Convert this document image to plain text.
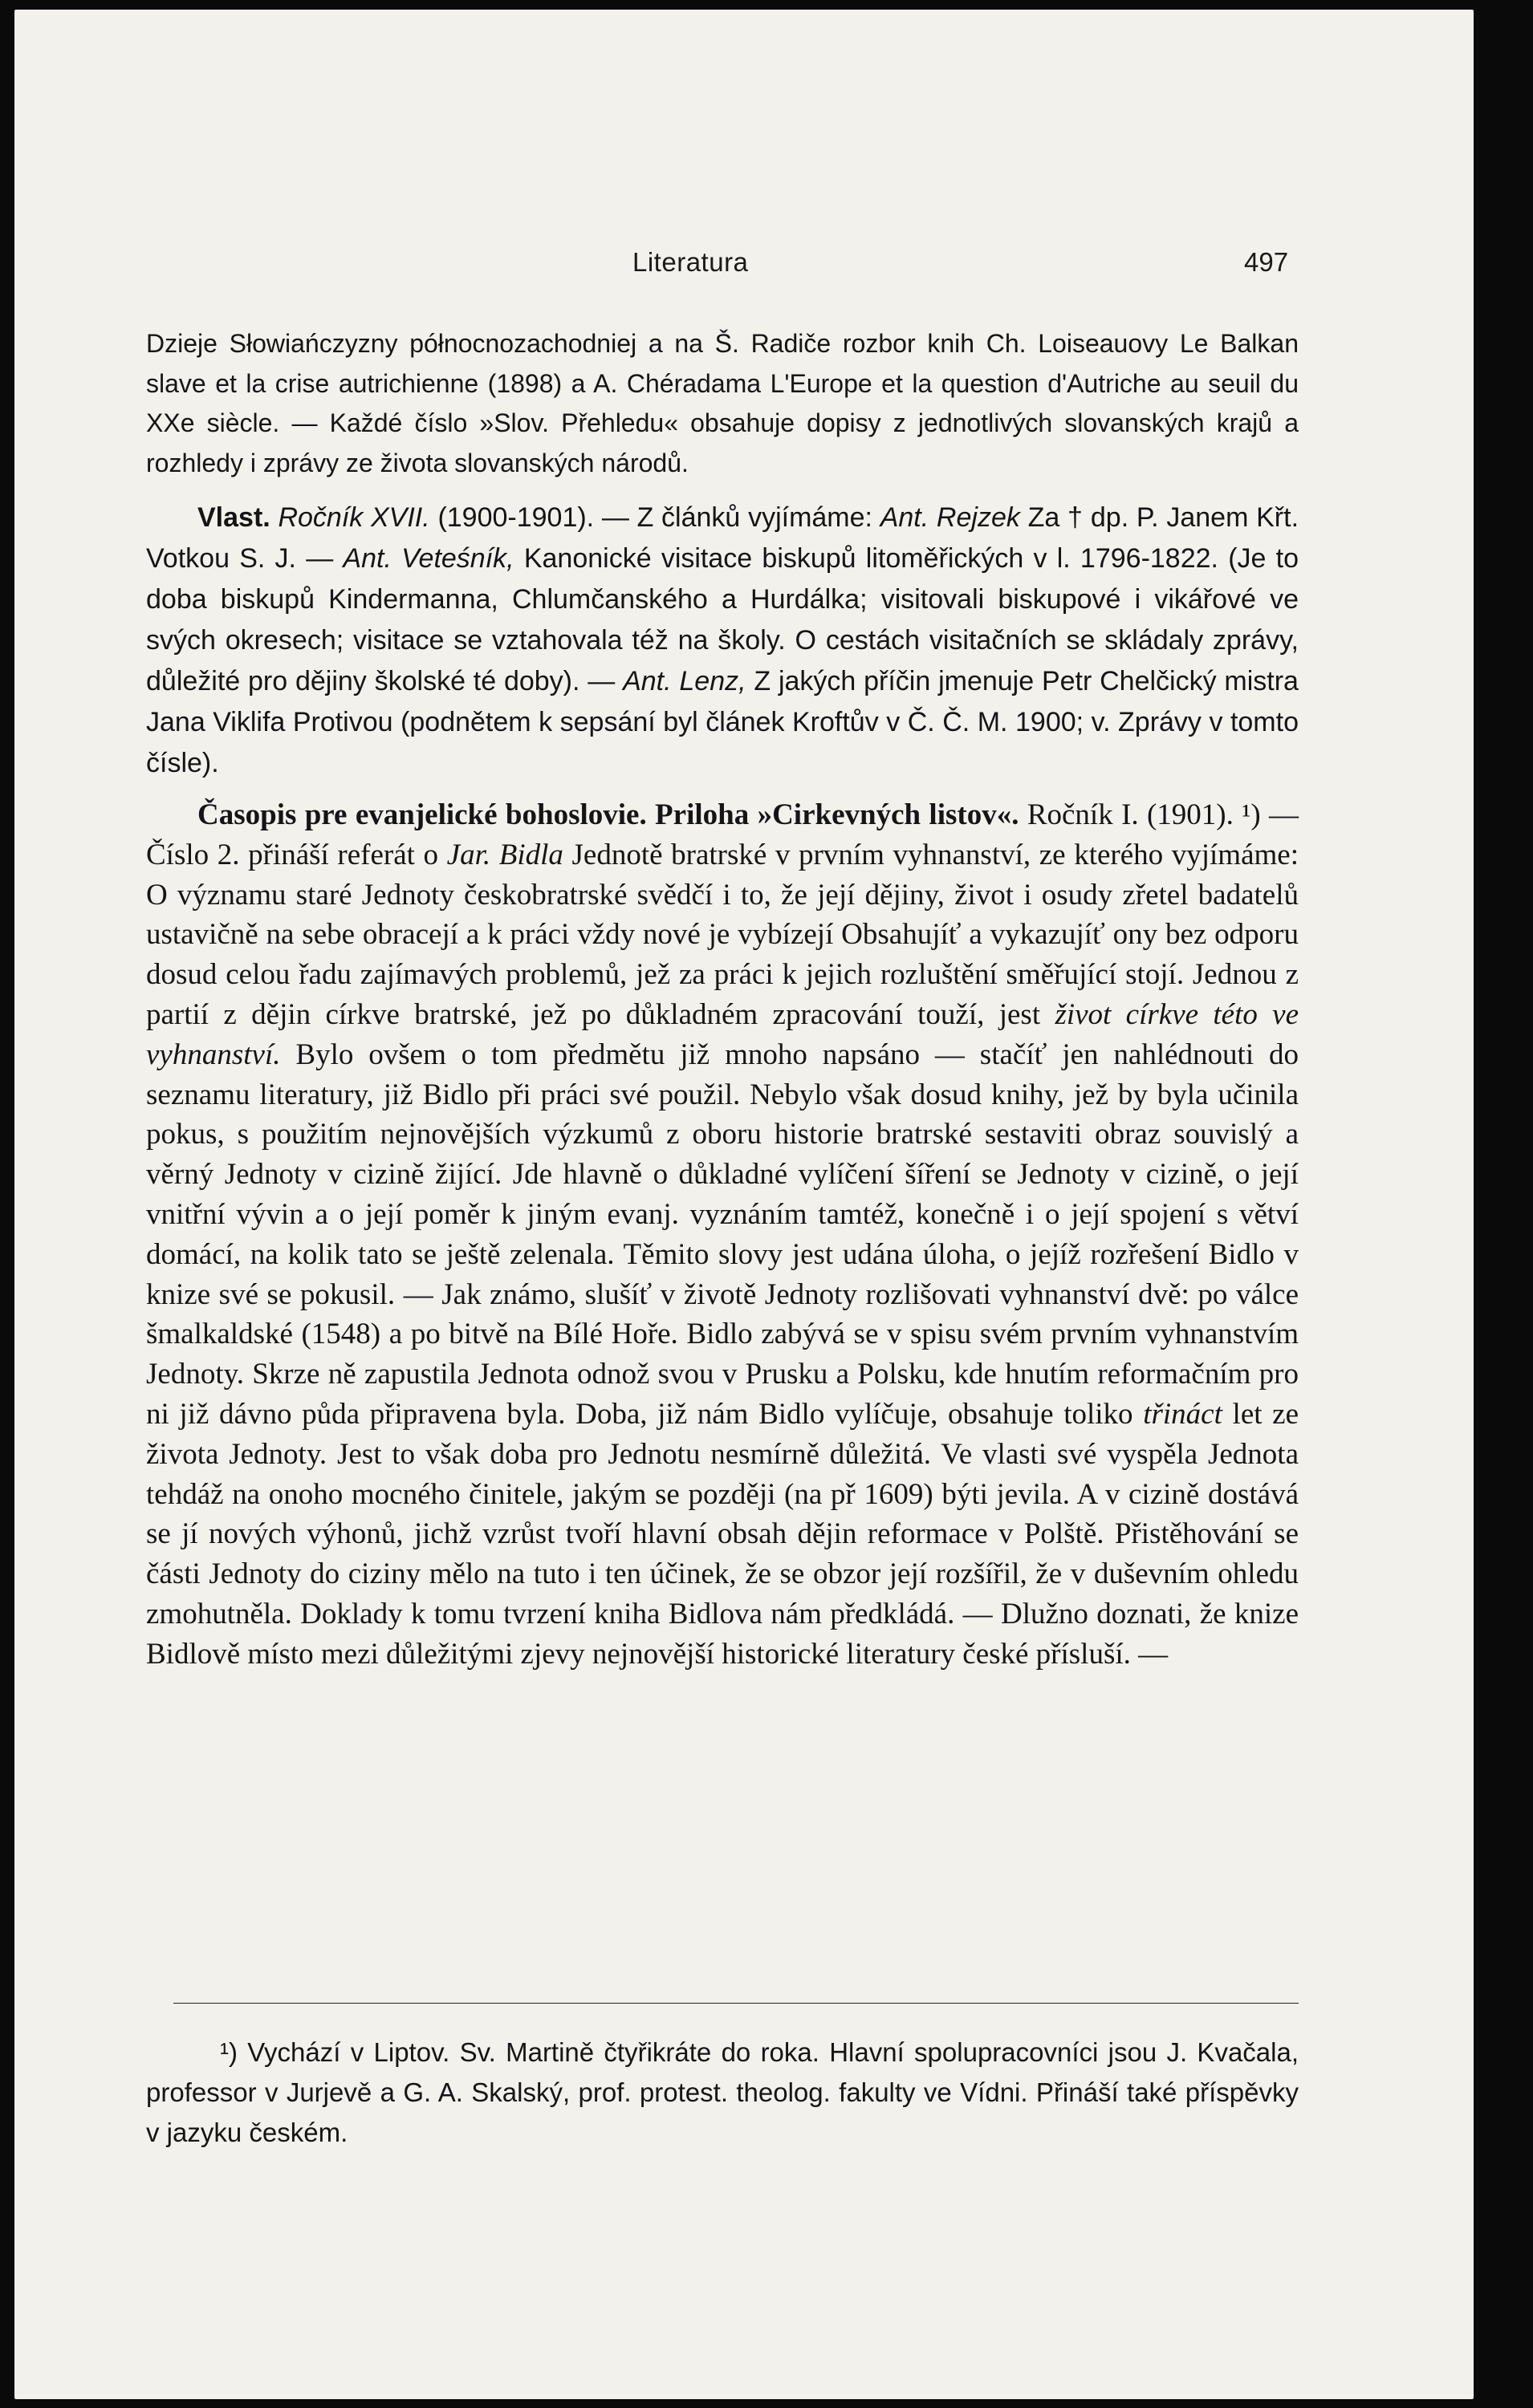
Literatura	497

Dzieje Słowiańczyzny północnozachodniej a na Š. Radiče rozbor knih Ch. Loiseauovy Le Balkan slave et la crise autrichienne (1898) a A. Chéradama L'Europe et la question d'Autriche au seuil du XXe siècle. — Každé číslo »Slov. Přehledu« obsahuje dopisy z jednotlivých slovanských krajů a rozhledy i zprávy ze života slovanských národů.

Vlast. Ročník XVII. (1900-1901). — Z článků vyjímáme: Ant. Rejzek Za † dp. P. Janem Křt. Votkou S. J. — Ant. Veteśník, Kanonické visitace biskupů litoměřických v l. 1796-1822. (Je to doba biskupů Kindermanna, Chlumčanského a Hurdálka; visitovali biskupové i vikářové ve svých okresech; visitace se vztahovala též na školy. O cestách visitačních se skládaly zprávy, důležité pro dějiny školské té doby). — Ant. Lenz, Z jakých příčin jmenuje Petr Chelčický mistra Jana Viklifa Protivou (podnětem k sepsání byl článek Kroftův v Č. Č. M. 1900; v. Zprávy v tomto čísle).

Časopis pre evanjelické bohoslovie. Priloha »Cirkevných listov«. Ročník I. (1901). ¹) — Číslo 2. přináší referát o Jar. Bidla Jednotě bratrské v prvním vyhnanství, ze kterého vyjímáme: O významu staré Jednoty českobratrské svědčí i to, že její dějiny, život i osudy zřetel badatelů ustavičně na sebe obracejí a k práci vždy nové je vybízejí Obsahujíť a vykazujíť ony bez odporu dosud celou řadu zajímavých problemů, jež za práci k jejich rozluštění směřující stojí. Jednou z partií z dějin církve bratrské, jež po důkladném zpracování touží, jest život církve této ve vyhnanství. Bylo ovšem o tom předmětu již mnoho napsáno — stačíť jen nahlédnouti do seznamu literatury, již Bidlo při práci své použil. Nebylo však dosud knihy, jež by byla učinila pokus, s použitím nejnovějších výzkumů z oboru historie bratrské sestaviti obraz souvislý a věrný Jednoty v cizině žijící. Jde hlavně o důkladné vylíčení šíření se Jednoty v cizině, o její vnitřní vývin a o její poměr k jiným evanj. vyznáním tamtéž, konečně i o její spojení s větví domácí, na kolik tato se ještě zelenala. Těmito slovy jest udána úloha, o jejíž rozřešení Bidlo v knize své se pokusil. — Jak známo, slušíť v životě Jednoty rozlišovati vyhnanství dvě: po válce šmalkaldské (1548) a po bitvě na Bílé Hoře. Bidlo zabývá se v spisu svém prvním vyhnanstvím Jednoty. Skrze ně zapustila Jednota odnož svou v Prusku a Polsku, kde hnutím reformačním pro ni již dávno půda připravena byla. Doba, již nám Bidlo vylíčuje, obsahuje toliko třináct let ze života Jednoty. Jest to však doba pro Jednotu nesmírně důležitá. Ve vlasti své vyspěla Jednota tehdáž na onoho mocného činitele, jakým se později (na př 1609) býti jevila. A v cizině dostává se jí nových výhonů, jichž vzrůst tvoří hlavní obsah dějin reformace v Polště. Přistěhování se části Jednoty do ciziny mělo na tuto i ten účinek, že se obzor její rozšířil, že v duševním ohledu zmohutněla. Doklady k tomu tvrzení kniha Bidlova nám předkládá. — Dlužno doznati, že knize Bidlově místo mezi důležitými zjevy nejnovější historické literatury české přísluší. —

¹) Vychází v Liptov. Sv. Martině čtyřikráte do roka. Hlavní spolupracovníci jsou J. Kvačala, professor v Jurjevě a G. A. Skalský, prof. protest. theolog. fakulty ve Vídni. Přináší také příspěvky v jazyku českém.
